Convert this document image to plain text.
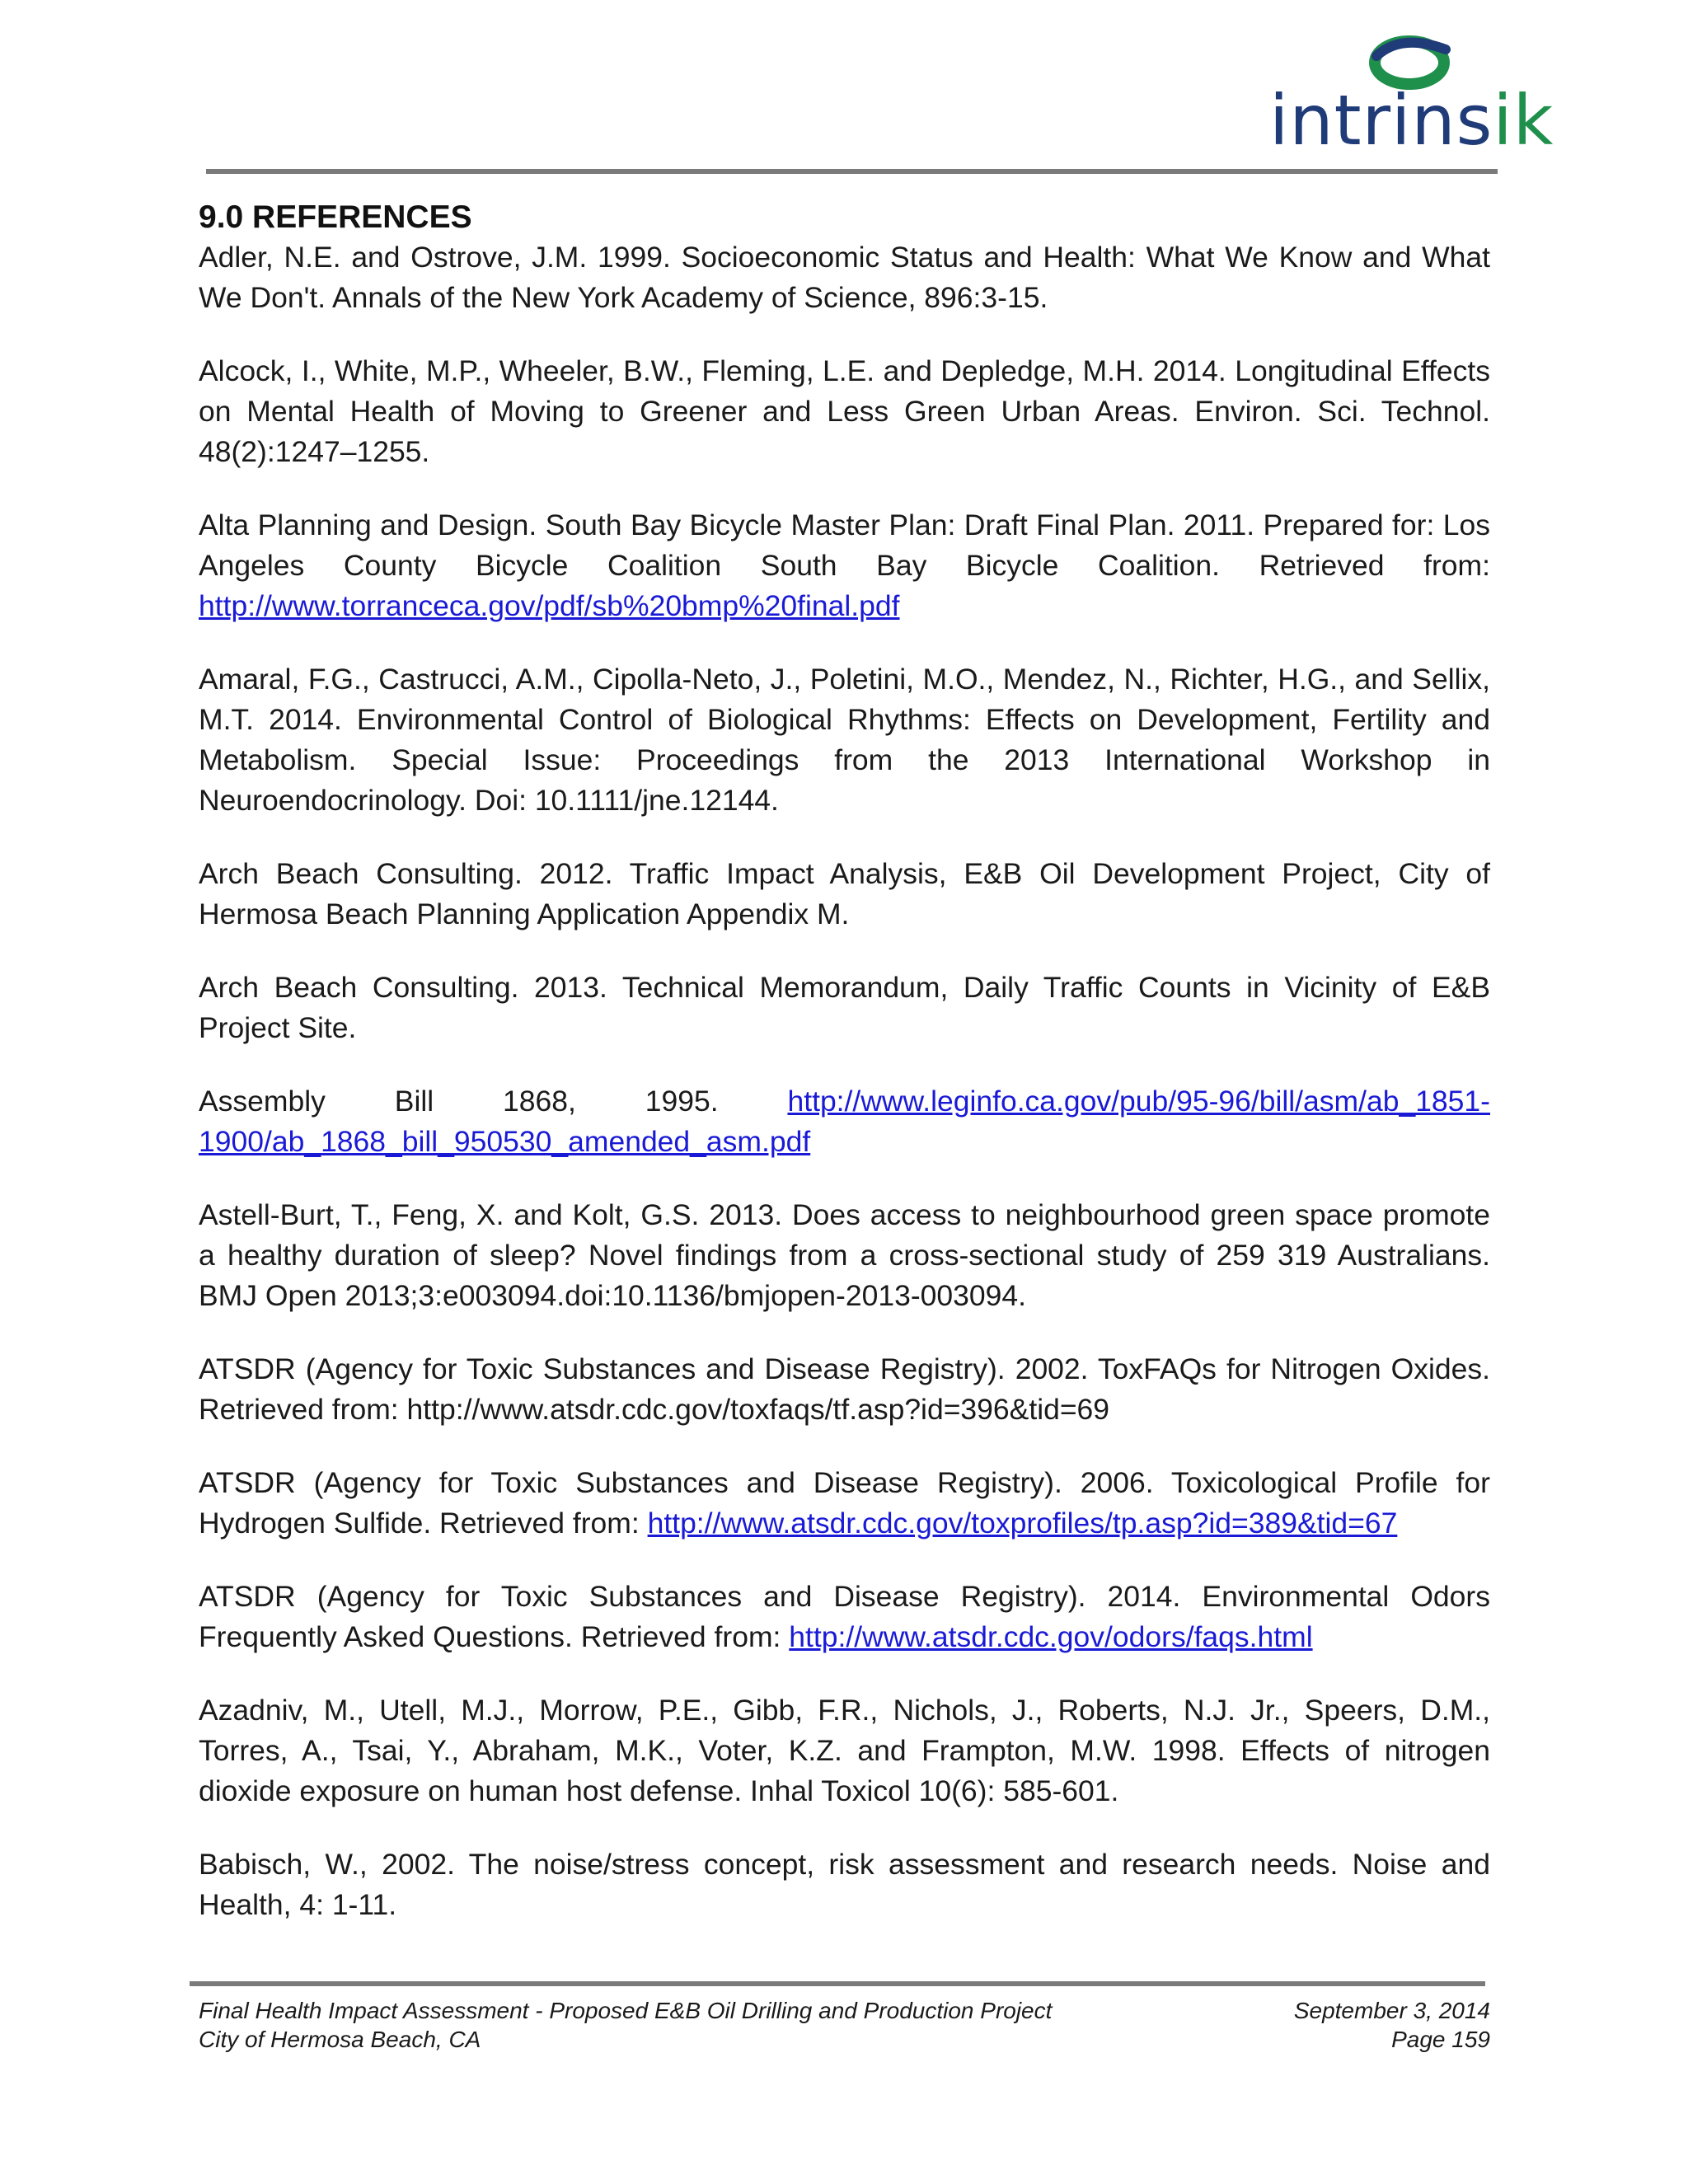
intrinsik
9.0 REFERENCES
Adler, N.E. and Ostrove, J.M. 1999. Socioeconomic Status and Health: What We Know and What We Don't. Annals of the New York Academy of Science, 896:3-15.
Alcock, I., White, M.P., Wheeler, B.W., Fleming, L.E. and Depledge, M.H. 2014. Longitudinal Effects on Mental Health of Moving to Greener and Less Green Urban Areas. Environ. Sci. Technol. 48(2):1247–1255.
Alta Planning and Design. South Bay Bicycle Master Plan: Draft Final Plan. 2011. Prepared for: Los Angeles County Bicycle Coalition South Bay Bicycle Coalition. Retrieved from: http://www.torranceca.gov/pdf/sb%20bmp%20final.pdf
Amaral, F.G., Castrucci, A.M., Cipolla-Neto, J., Poletini, M.O., Mendez, N., Richter, H.G., and Sellix, M.T. 2014. Environmental Control of Biological Rhythms: Effects on Development, Fertility and Metabolism. Special Issue: Proceedings from the 2013 International Workshop in Neuroendocrinology. Doi: 10.1111/jne.12144.
Arch Beach Consulting. 2012. Traffic Impact Analysis, E&B Oil Development Project, City of Hermosa Beach Planning Application Appendix M.
Arch Beach Consulting. 2013. Technical Memorandum, Daily Traffic Counts in Vicinity of E&B Project Site.
Assembly Bill 1868, 1995. http://www.leginfo.ca.gov/pub/95-96/bill/asm/ab_1851-1900/ab_1868_bill_950530_amended_asm.pdf
Astell-Burt, T., Feng, X. and Kolt, G.S. 2013. Does access to neighbourhood green space promote a healthy duration of sleep? Novel findings from a cross-sectional study of 259 319 Australians. BMJ Open 2013;3:e003094.doi:10.1136/bmjopen-2013-003094.
ATSDR (Agency for Toxic Substances and Disease Registry). 2002. ToxFAQs for Nitrogen Oxides. Retrieved from: http://www.atsdr.cdc.gov/toxfaqs/tf.asp?id=396&tid=69
ATSDR (Agency for Toxic Substances and Disease Registry). 2006. Toxicological Profile for Hydrogen Sulfide. Retrieved from: http://www.atsdr.cdc.gov/toxprofiles/tp.asp?id=389&tid=67
ATSDR (Agency for Toxic Substances and Disease Registry). 2014. Environmental Odors Frequently Asked Questions. Retrieved from: http://www.atsdr.cdc.gov/odors/faqs.html
Azadniv, M., Utell, M.J., Morrow, P.E., Gibb, F.R., Nichols, J., Roberts, N.J. Jr., Speers, D.M., Torres, A., Tsai, Y., Abraham, M.K., Voter, K.Z. and Frampton, M.W. 1998. Effects of nitrogen dioxide exposure on human host defense. Inhal Toxicol 10(6): 585-601.
Babisch, W., 2002. The noise/stress concept, risk assessment and research needs. Noise and Health, 4: 1-11.
Final Health Impact Assessment - Proposed E&B Oil Drilling and Production Project	September 3, 2014
City of Hermosa Beach, CA	Page 159
